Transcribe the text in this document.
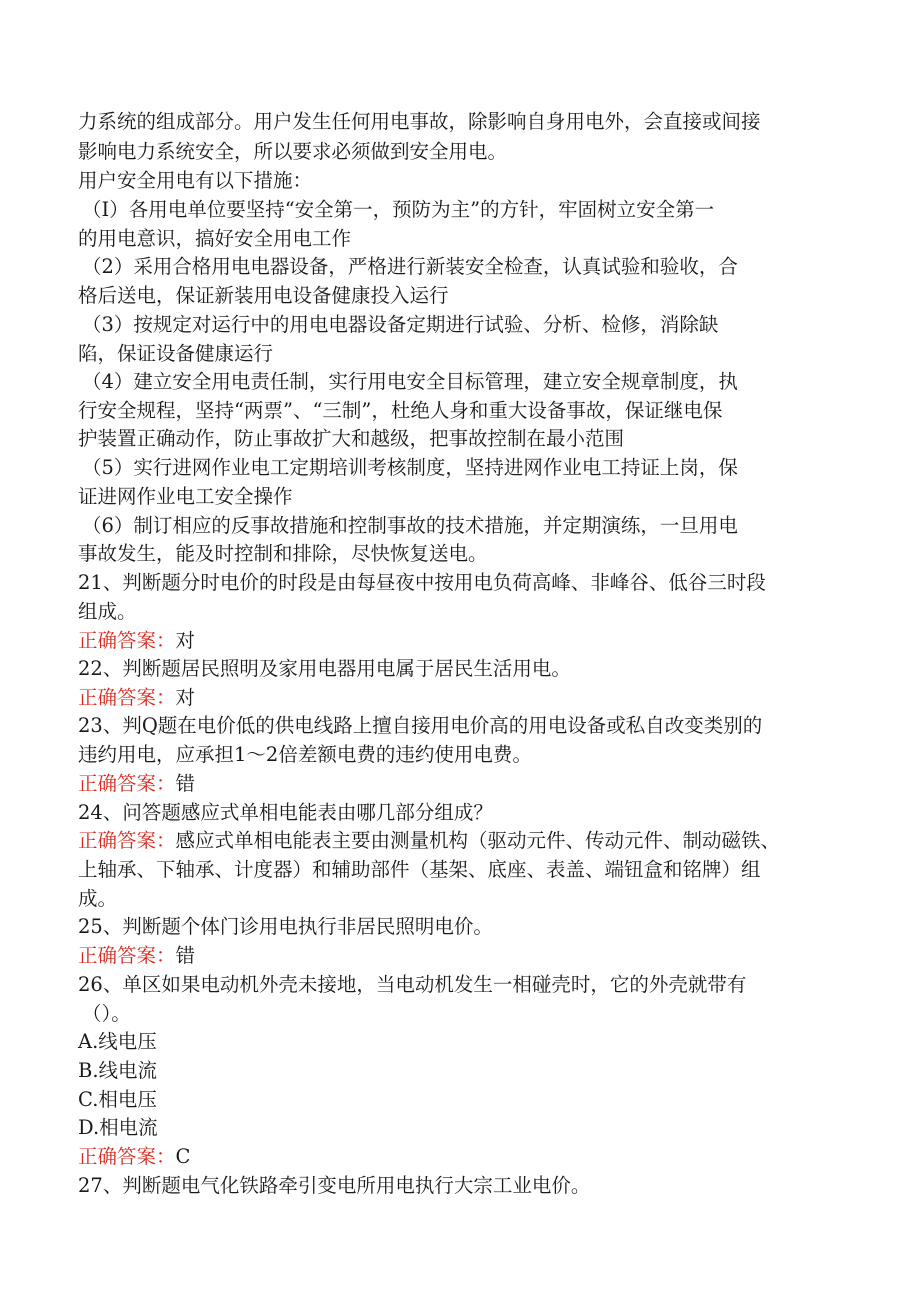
力系统的组成部分。用户发生任何用电事故，除影响自身用电外，会直接或间接

影响电力系统安全，所以要求必须做到安全用电。

用户安全用电有以下措施：

（I）各用电单位要坚持“安全第一，预防为主”的方针，牢固树立安全第一

的用电意识，搞好安全用电工作

（2）采用合格用电电器设备，严格进行新装安全检查，认真试验和验收，合

格后送电，保证新装用电设备健康投入运行

（3）按规定对运行中的用电电器设备定期进行试验、分析、检修，消除缺

陷，保证设备健康运行

（4）建立安全用电责任制，实行用电安全目标管理，建立安全规章制度，执

行安全规程，坚持“两票”、“三制”，杜绝人身和重大设备事故，保证继电保

护装置正确动作，防止事故扩大和越级，把事故控制在最小范围

（5）实行进网作业电工定期培训考核制度，坚持进网作业电工持证上岗，保

证进网作业电工安全操作

（6）制订相应的反事故措施和控制事故的技术措施，并定期演练，一旦用电

事故发生，能及时控制和排除，尽快恢复送电。

21、判断题分时电价的时段是由每昼夜中按用电负荷高峰、非峰谷、低谷三时段

组成。

正确答案：对

22、判断题居民照明及家用电器用电属于居民生活用电。

正确答案：对

23、判Q题在电价低的供电线路上擅自接用电价高的用电设备或私自改变类别的

违约用电，应承担1～2倍差额电费的违约使用电费。

正确答案：错

24、问答题感应式单相电能表由哪几部分组成？

正确答案：感应式单相电能表主要由测量机构（驱动元件、传动元件、制动磁铁、

上轴承、下轴承、计度器）和辅助部件（基架、底座、表盖、端钮盒和铭牌）组

成。

25、判断题个体门诊用电执行非居民照明电价。

正确答案：错

26、单区如果电动机外壳未接地，当电动机发生一相碰壳时，它的外壳就带有

（）。

A.线电压

B.线电流

C.相电压

D.相电流

正确答案：C

27、判断题电气化铁路牵引变电所用电执行大宗工业电价。
